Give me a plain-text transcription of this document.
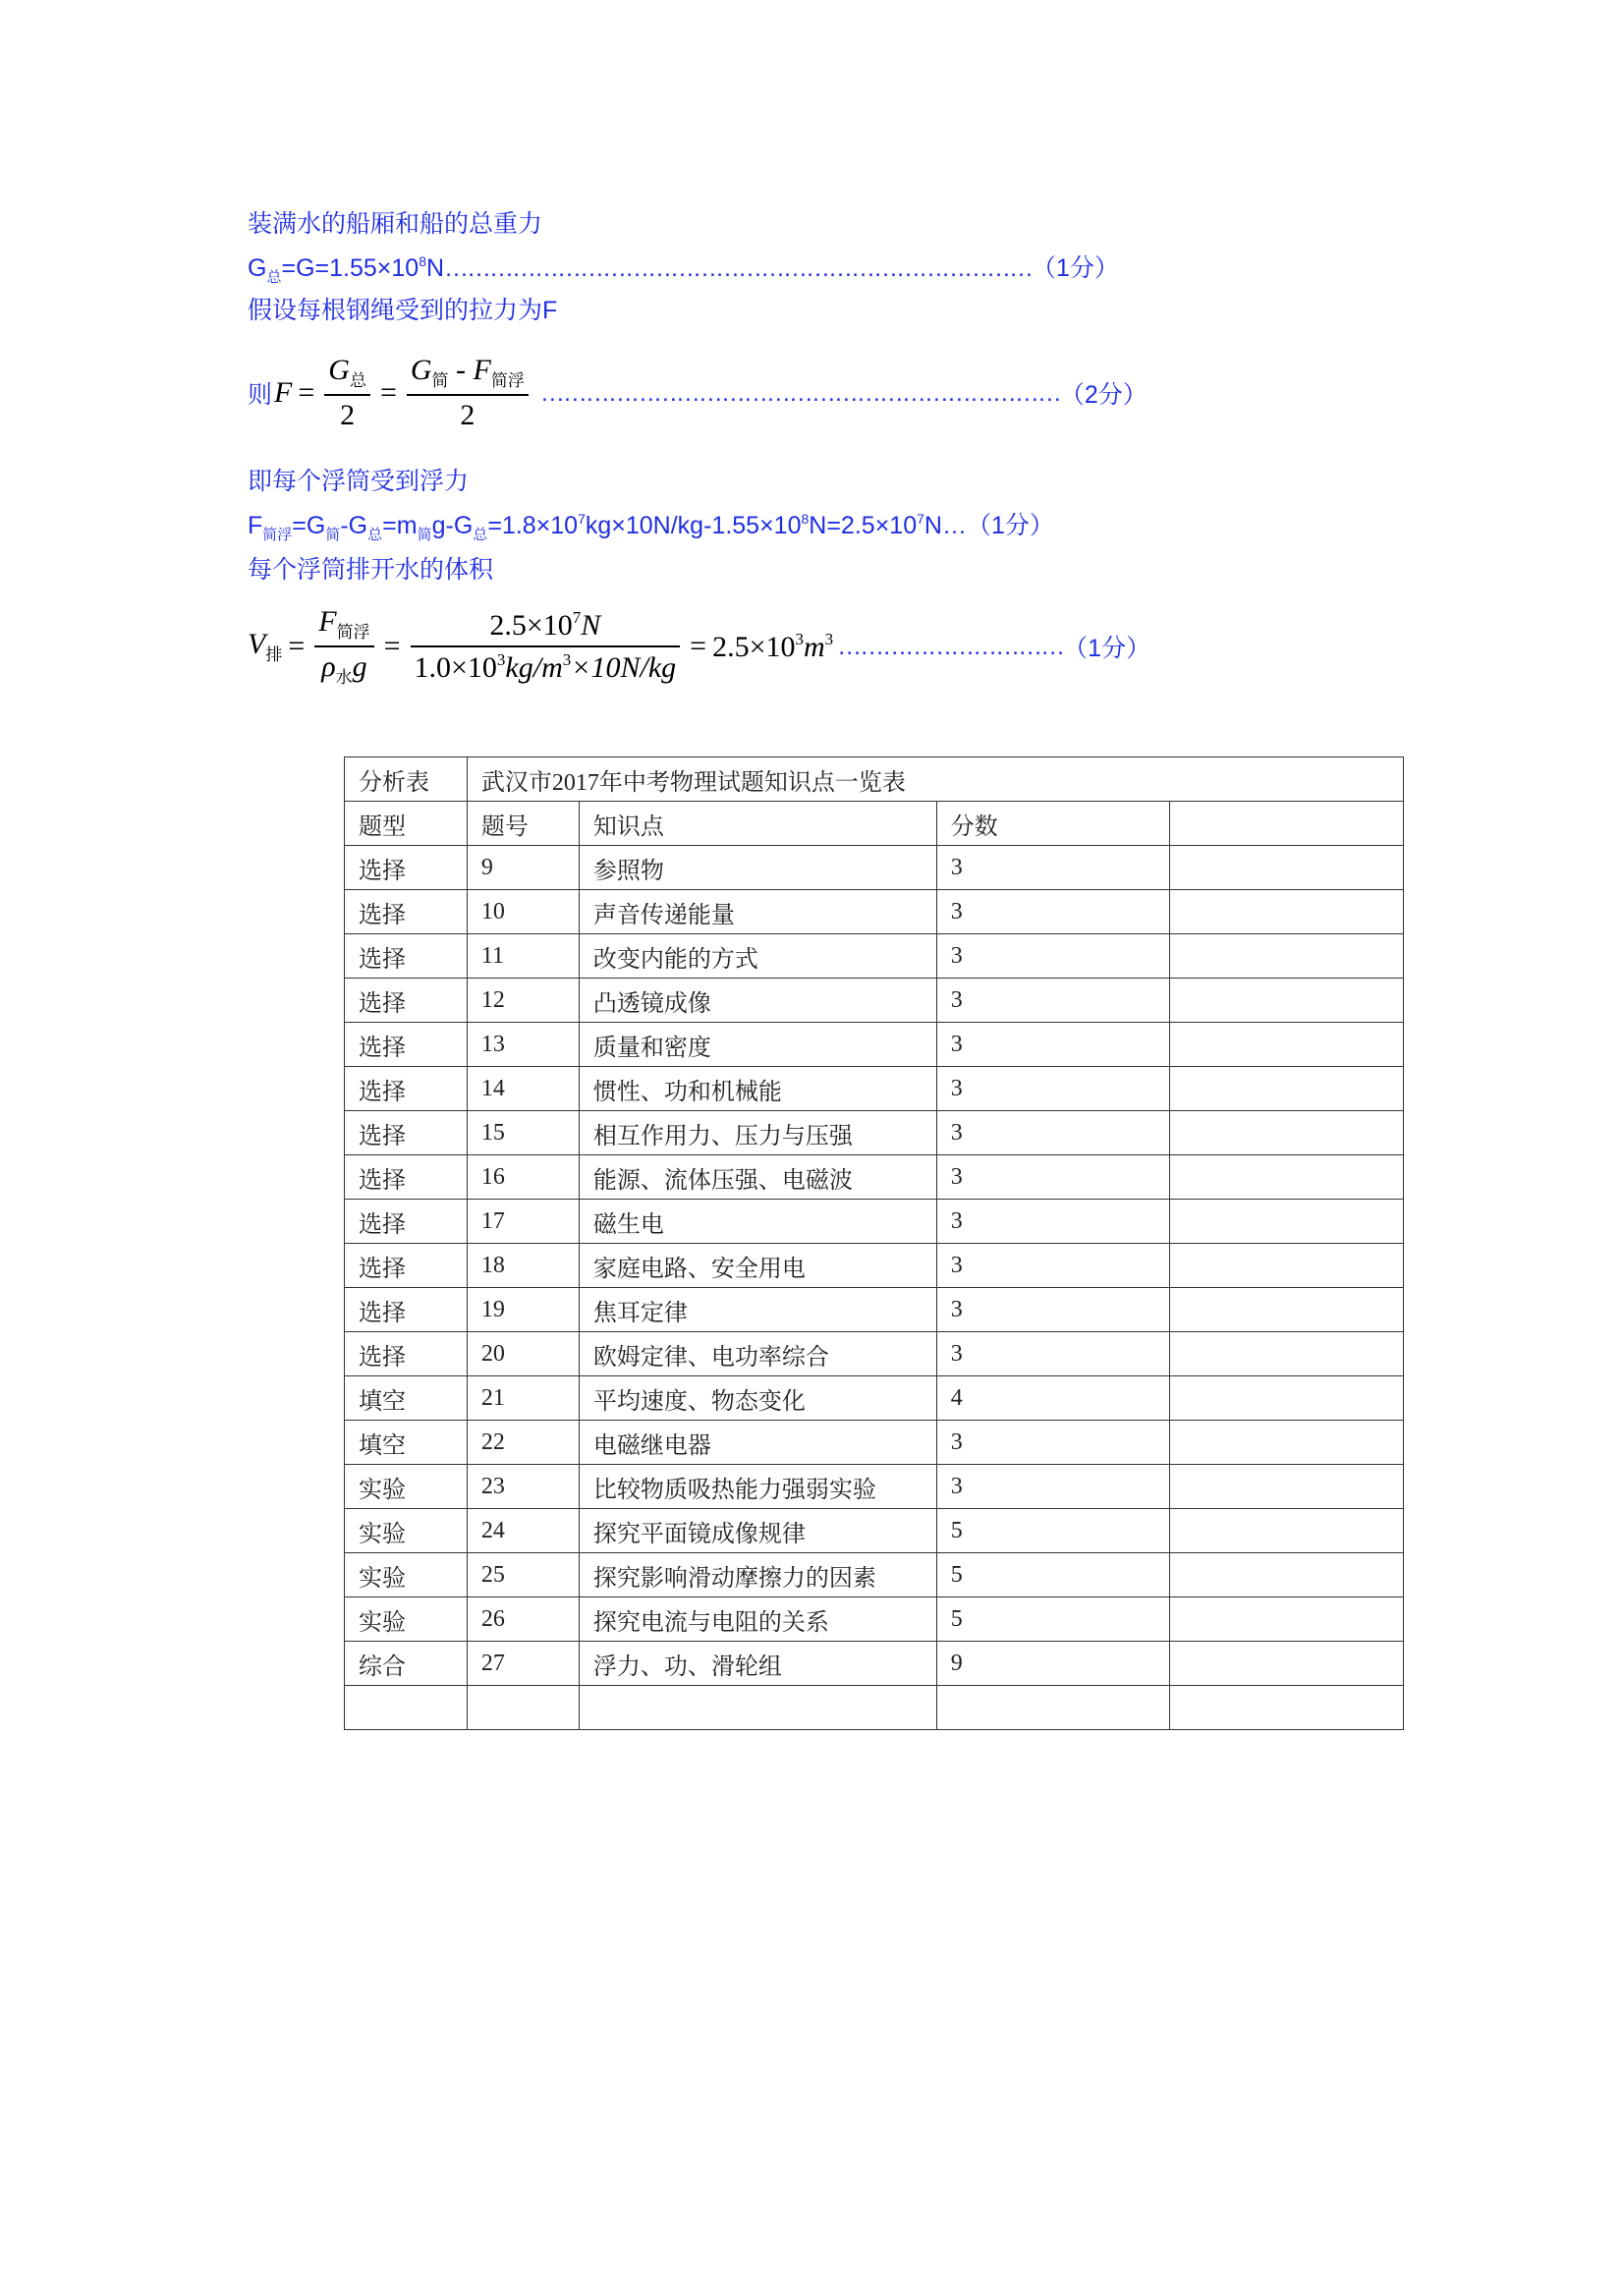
装满水的船厢和船的总重力
$G_总=G=1.55\times 10^8N\dots\dots\dots\dots\dots\dots\dots\dots\dots\dots\dots\dots\dots\dots\dots\dots\dots\dots\dots\dots\dots\dots\dots\dots\dots\dots(1$分）
假设每根钢绳受到的拉力为F
则 $F = \frac{G_总}{2} = \frac{G_简 - F_{简浮}}{2}$ …………………………………………………………… （2分）
即每个浮筒受到浮力
$F_{简浮}=G_简-G_总=m_简g-G_总=1.8\times 10^7kg\times 10N/kg-1.55\times 10^8N=2.5\times 10^7N\dots(1$分）
每个浮筒排开水的体积
$V_排 = \frac{F_{简浮}}{\rho_水g} = \frac{2.5\times 10^7N}{1.0\times 10^3kg/m^3\times 10N/kg} = 2.5\times 10^3m^3$ ………………………… （1分）
分析表	武汉市2017年中考物理试题知识点一览表			
题型	题号	知识点	分数	
选择	9	参照物	3	
选择	10	声音传递能量	3	
选择	11	改变内能的方式	3	
选择	12	凸透镜成像	3	
选择	13	质量和密度	3	
选择	14	惯性、功和机械能	3	
选择	15	相互作用力、压力与压强	3	
选择	16	能源、流体压强、电磁波	3	
选择	17	磁生电	3	
选择	18	家庭电路、安全用电	3	
选择	19	焦耳定律	3	
选择	20	欧姆定律、电功率综合	3	
填空	21	平均速度、物态变化	4	
填空	22	电磁继电器	3	
实验	23	比较物质吸热能力强弱实验	3	
实验	24	探究平面镜成像规律	5	
实验	25	探究影响滑动摩擦力的因素	5	
实验	26	探究电流与电阻的关系	5	
综合	27	浮力、功、滑轮组	9	
